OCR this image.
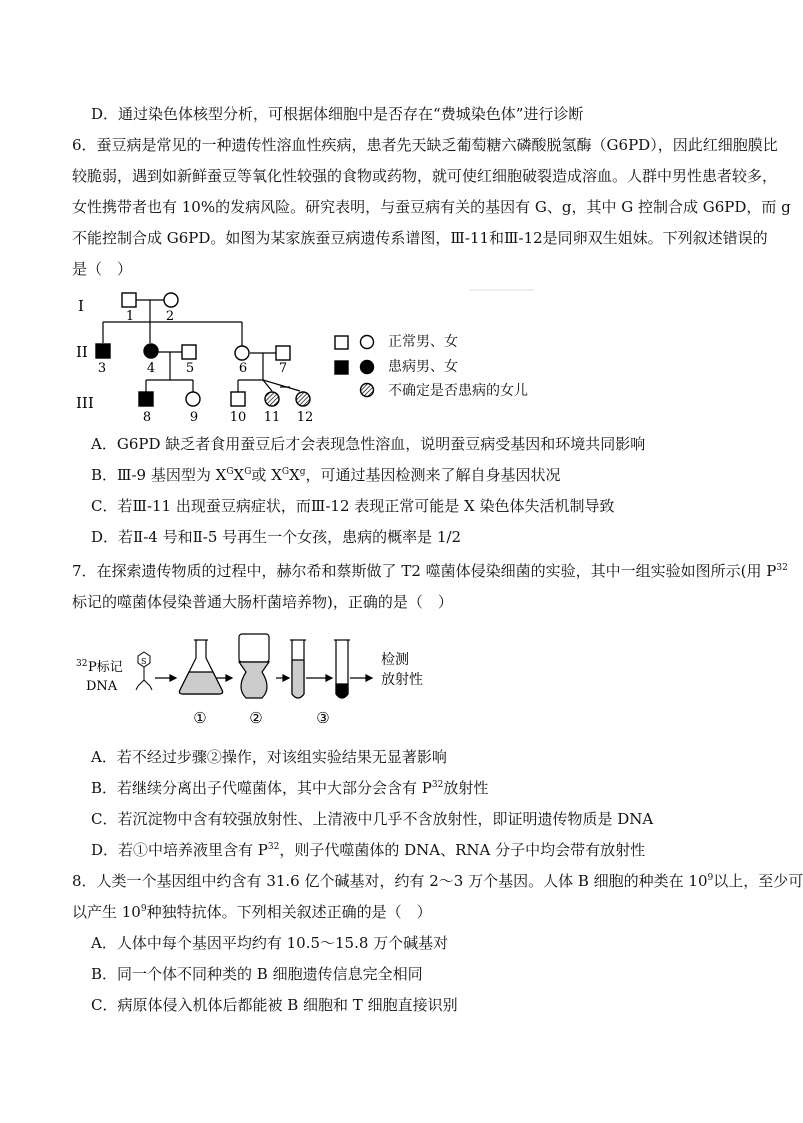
D．通过染色体核型分析，可根据体细胞中是否存在“费城染色体”进行诊断
6．蚕豆病是常见的一种遗传性溶血性疾病，患者先天缺乏葡萄糖六磷酸脱氢酶（G6PD），因此红细胞膜比
较脆弱，遇到如新鲜蚕豆等氧化性较强的食物或药物，就可使红细胞破裂造成溶血。人群中男性患者较多，
女性携带者也有 10%的发病风险。研究表明，与蚕豆病有关的基因有 G、g，其中 G 控制合成 G6PD，而 g
不能控制合成 G6PD。如图为某家族蚕豆病遗传系谱图，Ⅲ-11和Ⅲ-12是同卵双生姐妹。下列叙述错误的
是（　）
I
II
III
1 2
3	4 5	6 7
8	9 10 11 12
正常男、女
患病男、女
不确定是否患病的女儿
A．G6PD 缺乏者食用蚕豆后才会表现急性溶血，说明蚕豆病受基因和环境共同影响
B．Ⅲ-9 基因型为 $X^GX^G$或 $X^GX^g$，可通过基因检测来了解自身基因状况
C．若Ⅲ-11 出现蚕豆病症状，而Ⅲ-12 表现正常可能是 X 染色体失活机制导致
D．若Ⅱ-4 号和Ⅱ-5 号再生一个女孩，患病的概率是 1/2
7．在探索遗传物质的过程中，赫尔希和蔡斯做了 T2 噬菌体侵染细菌的实验，其中一组实验如图所示(用 $P^{32}$
标记的噬菌体侵染普通大肠杆菌培养物)，正确的是（　）
32 P标记
DNA
S	检测
放射性
①	②	③
A．若不经过步骤②操作，对该组实验结果无显著影响
B．若继续分离出子代噬菌体，其中大部分会含有 $P^{32}$放射性
C．若沉淀物中含有较强放射性、上清液中几乎不含放射性，即证明遗传物质是 DNA
D．若①中培养液里含有 $P^{32}$，则子代噬菌体的 DNA、RNA 分子中均会带有放射性
8．人类一个基因组中约含有 31.6 亿个碱基对，约有 2～3 万个基因。人体 B 细胞的种类在 $10^9$以上，至少可
以产生 $10^9$种独特抗体。下列相关叙述正确的是（　）
A．人体中每个基因平均约有 10.5～15.8 万个碱基对
B．同一个体不同种类的 B 细胞遗传信息完全相同
C．病原体侵入机体后都能被 B 细胞和 T 细胞直接识别
